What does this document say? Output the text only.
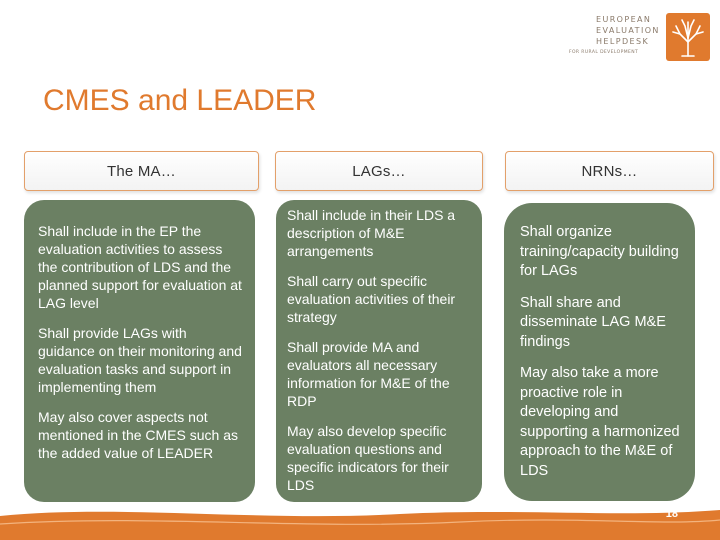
EUROPEAN
EVALUATION
HELPDESK
FOR RURAL DEVELOPMENT
CMES and LEADER
The MA…	LAGs…	NRNs…

Shall include in the EP the evaluation activities to assess the contribution of LDS and the planned support for evaluation at LAG level

Shall provide LAGs with guidance on their monitoring and evaluation tasks and support in implementing them

May also cover aspects not mentioned in the CMES such as the added value of LEADER

Shall include in their LDS a description of M&E arrangements

Shall carry out specific evaluation activities of their strategy

Shall provide MA and evaluators all necessary information for M&E of the RDP

May also develop specific evaluation questions and specific indicators for their LDS

Shall organize training/capacity building for LAGs

Shall share and disseminate LAG M&E findings

May also take a more proactive role in developing and supporting a harmonized approach to the M&E of LDS

18
